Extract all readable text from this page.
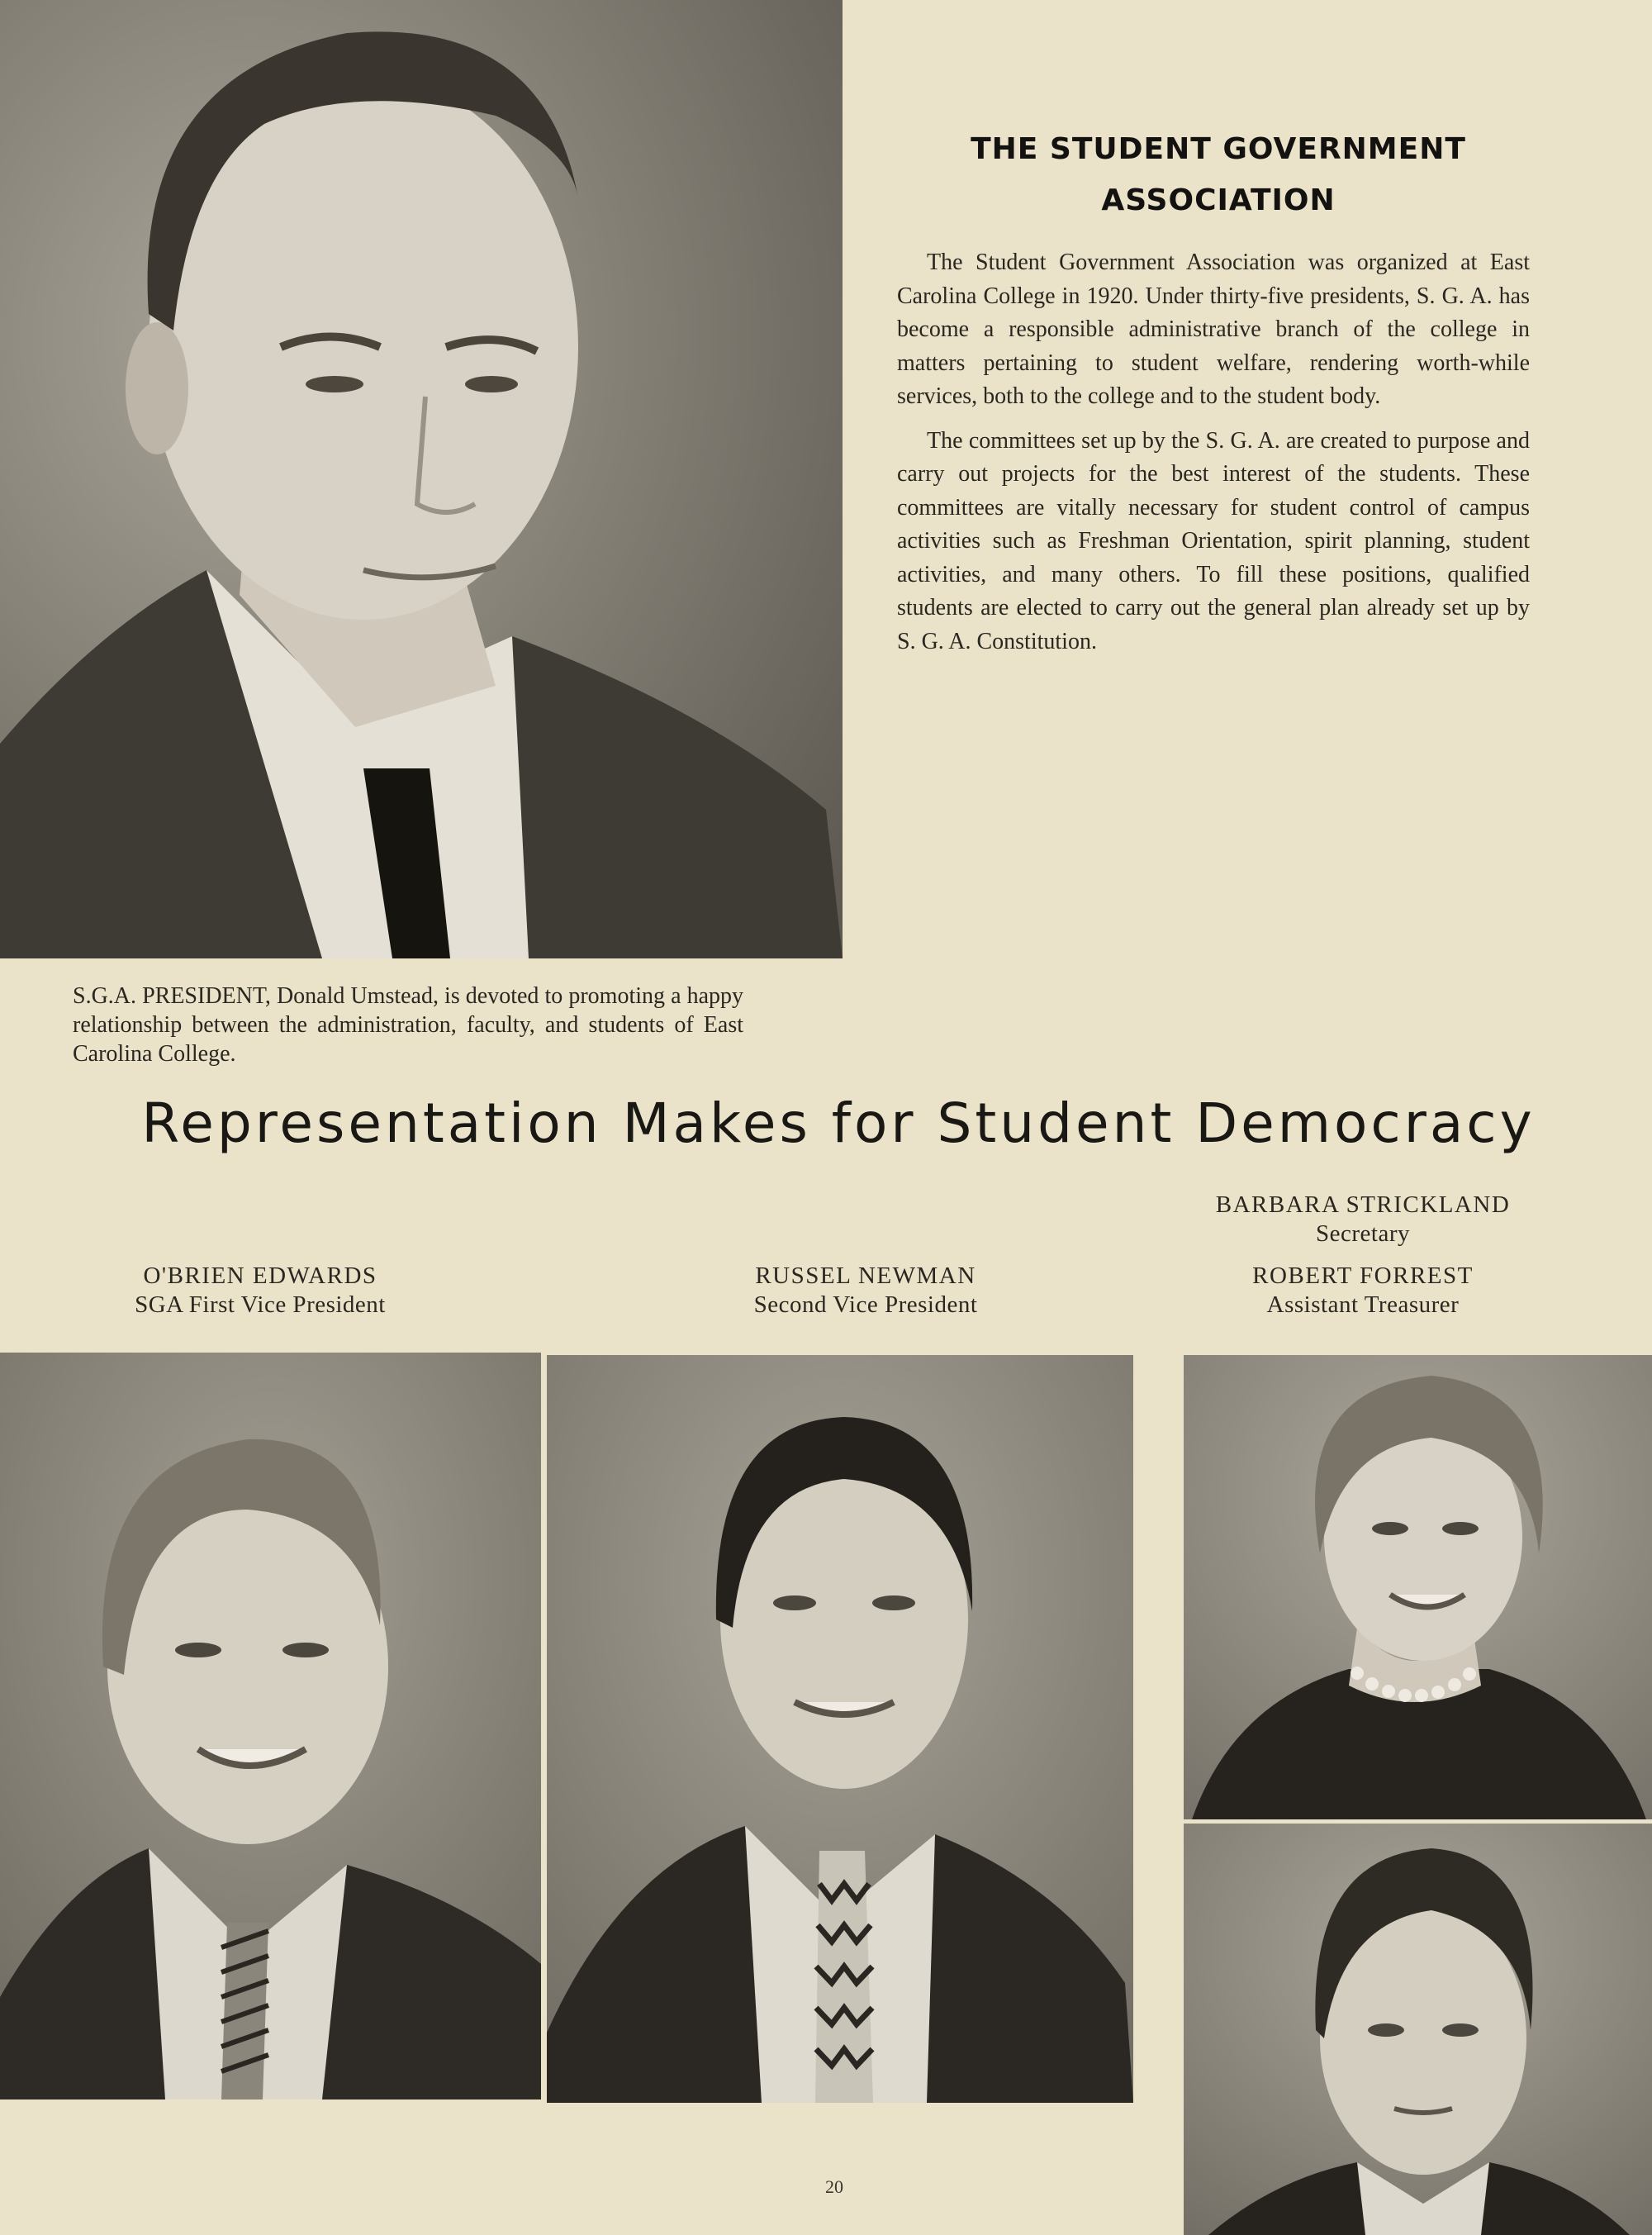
THE STUDENT GOVERNMENT
ASSOCIATION

The Student Government Association was organized at East Carolina College in 1920. Under thirty-five presidents, S. G. A. has become a responsible administrative branch of the college in matters pertaining to student welfare, rendering worth-while services, both to the college and to the student body.

The committees set up by the S. G. A. are created to purpose and carry out projects for the best interest of the students. These committees are vitally necessary for student control of campus activities such as Freshman Orientation, spirit planning, student activities, and many others. To fill these positions, qualified students are elected to carry out the general plan already set up by S. G. A. Constitution.

S.G.A. PRESIDENT, Donald Umstead, is devoted to promoting a happy relationship between the administration, faculty, and students of East Carolina College.
Representation Makes for Student Democracy
O'BRIEN EDWARDS
SGA First Vice President
RUSSEL NEWMAN
Second Vice President
BARBARA STRICKLAND
Secretary
ROBERT FORREST
Assistant Treasurer
20
